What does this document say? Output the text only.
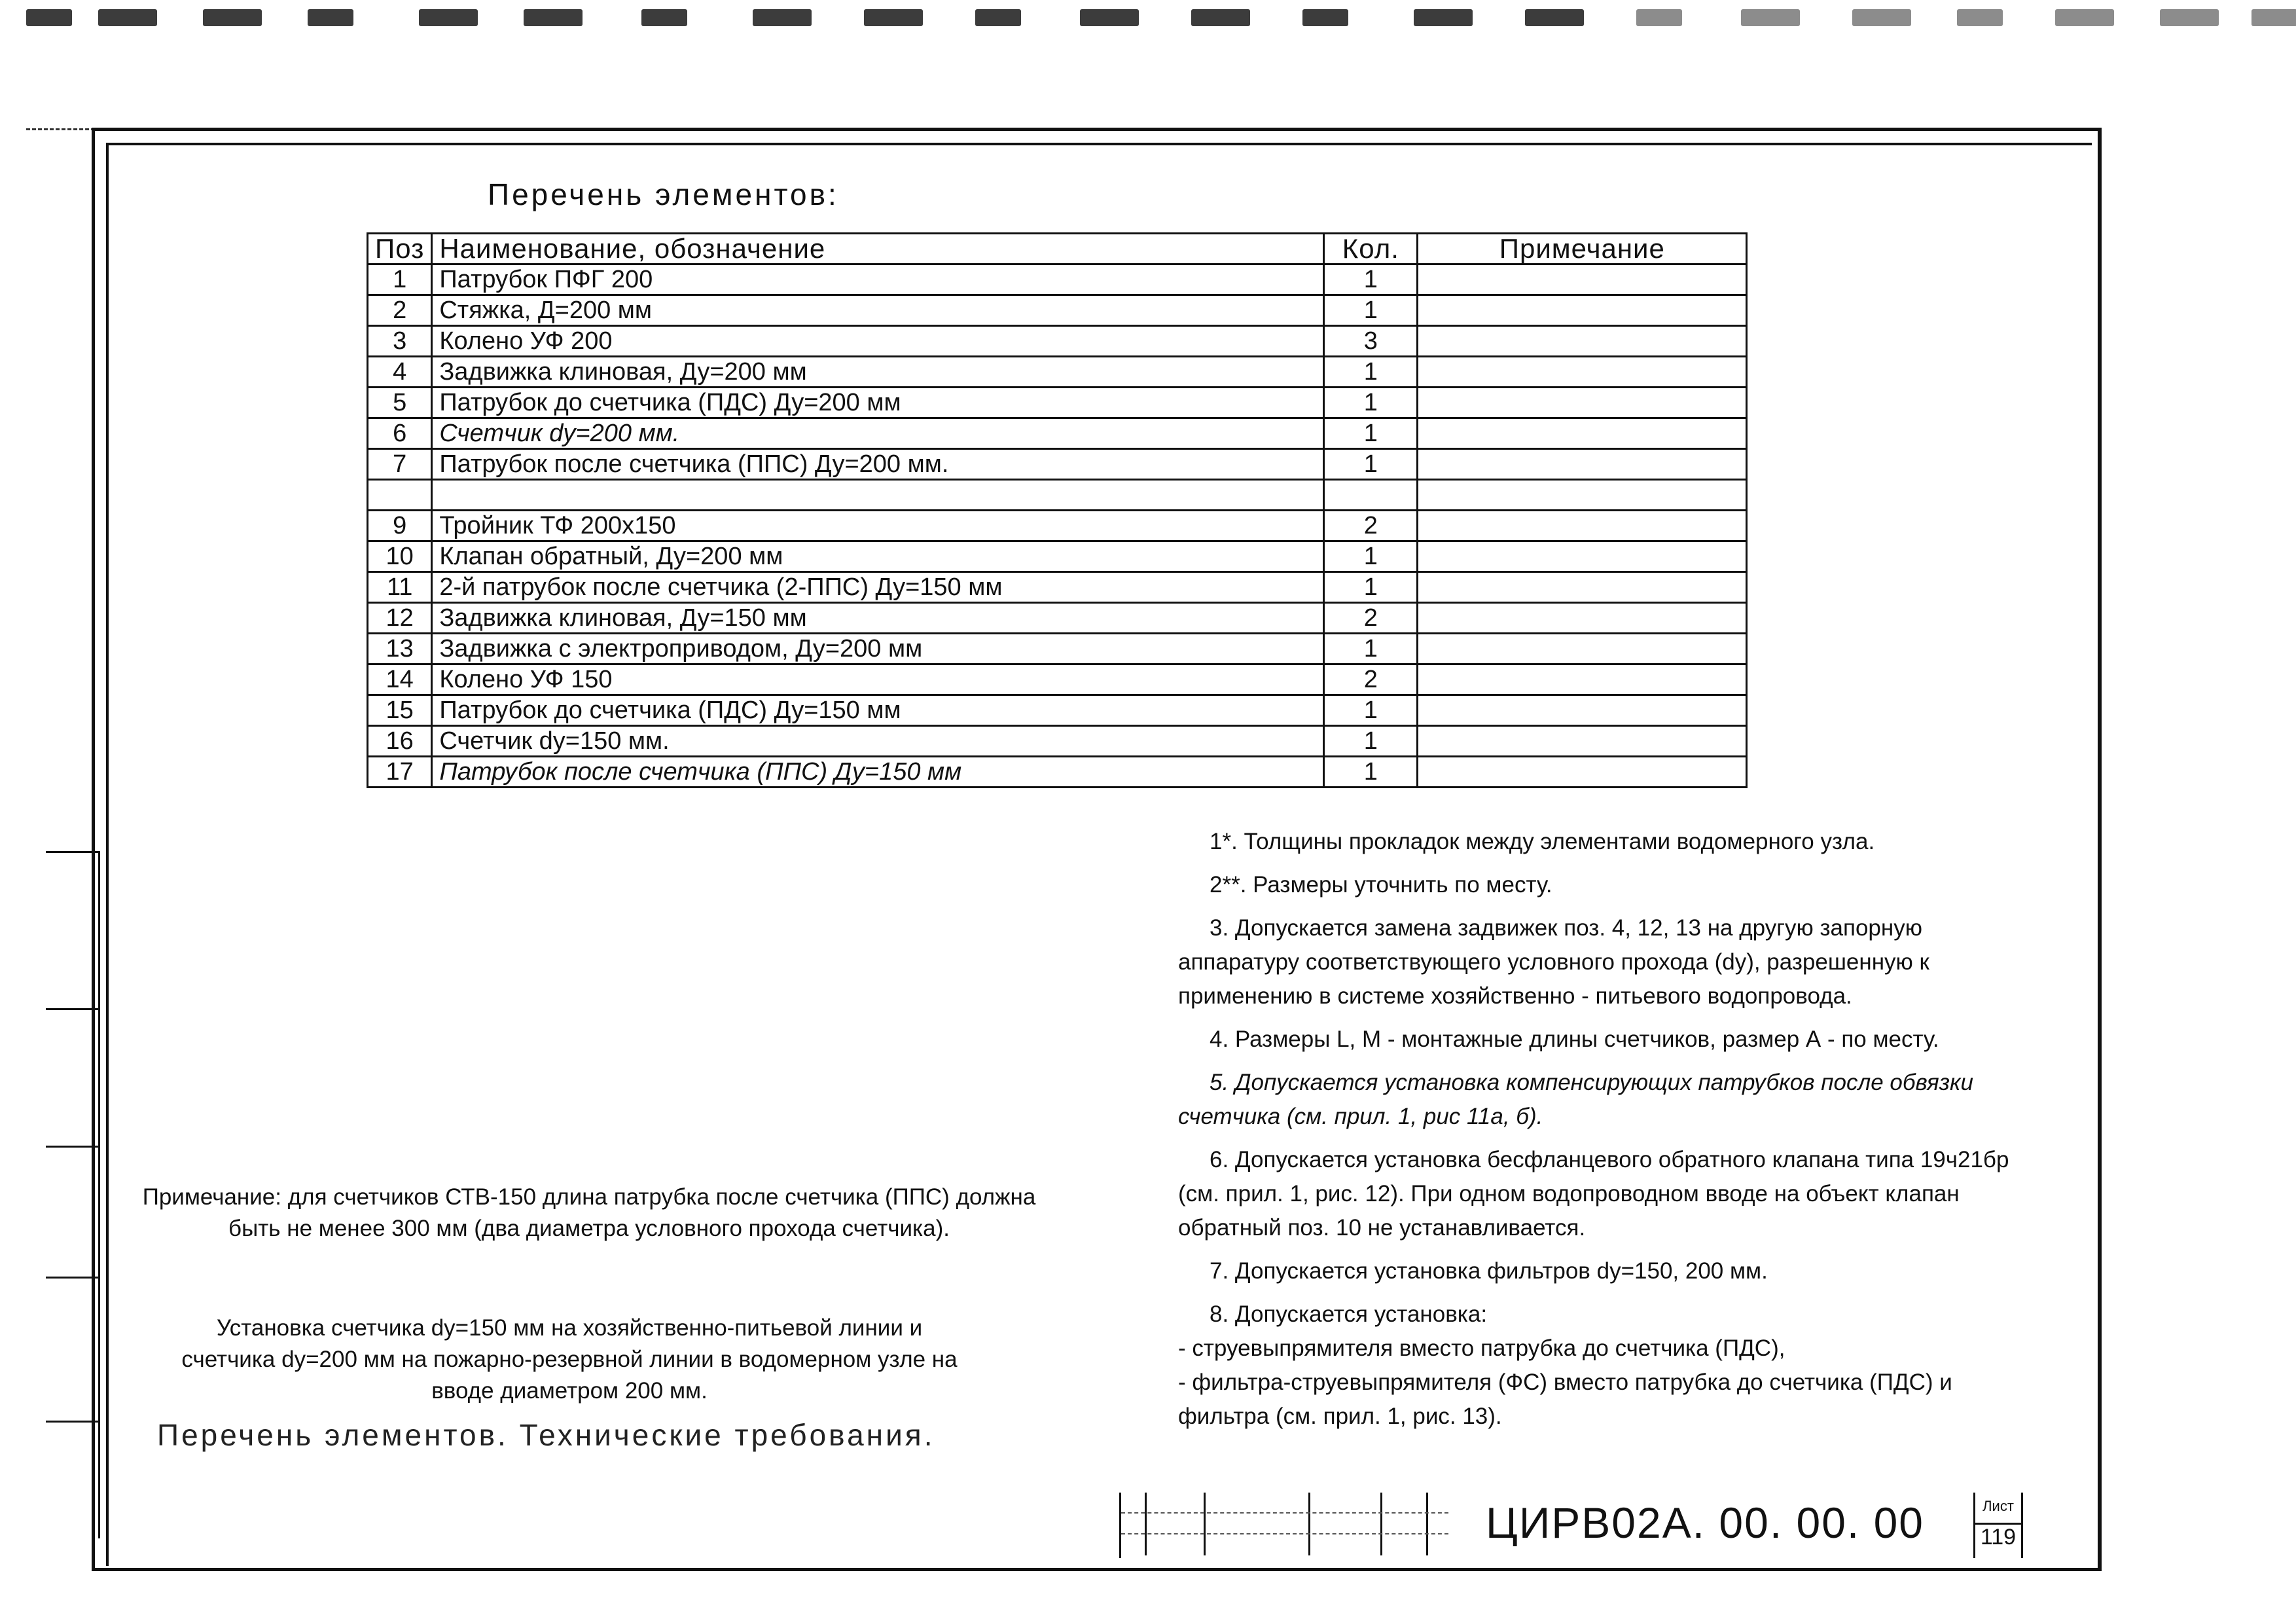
Перечень элементов:
Поз	Наименование, обозначение	Кол.	Примечание
1	Патрубок ПФГ 200	1	
2	Стяжка, Д=200 мм	1	
3	Колено УФ 200	3	
4	Задвижка клиновая, Ду=200 мм	1	
5	Патрубок до счетчика (ПДС) Ду=200 мм	1	
6	Счетчик dy=200 мм.	1	
7	Патрубок после счетчика (ППС) Ду=200 мм.	1	

9	Тройник ТФ 200х150	2	
10	Клапан обратный, Ду=200 мм	1	
11	2-й патрубок после счетчика (2-ППС) Ду=150 мм	1	
12	Задвижка клиновая, Ду=150 мм	2	
13	Задвижка с электроприводом, Ду=200 мм	1	
14	Колено УФ 150	2	
15	Патрубок до счетчика (ПДС) Ду=150 мм	1	
16	Счетчик dy=150 мм.	1	
17	Патрубок после счетчика (ППС) Ду=150 мм	1	

1*. Толщины прокладок между элементами водомерного узла.

2**. Размеры уточнить по месту.

3. Допускается замена задвижек поз. 4, 12, 13 на другую запорную аппаратуру соответствующего условного прохода (dy), разрешенную к применению в системе хозяйственно - питьевого водопровода.

4. Размеры L, M - монтажные длины счетчиков, размер А - по месту.

5. Допускается установка компенсирующих патрубков после обвязки счетчика (см. прил. 1, рис 11а, б).

6. Допускается установка бесфланцевого обратного клапана типа 19ч21бр (см. прил. 1, рис. 12). При одном водопроводном вводе на объект клапан обратный поз. 10 не устанавливается.

7. Допускается установка фильтров dy=150, 200 мм.

8. Допускается установка:

- струевыпрямителя вместо патрубка до счетчика (ПДС),

- фильтра-струевыпрямителя (ФС) вместо патрубка до счетчика (ПДС) и фильтра (см. прил. 1, рис. 13).

Примечание: для счетчиков СТВ-150 длина патрубка после счетчика (ППС) должна быть не менее 300 мм (два диаметра условного прохода счетчика).
Установка счетчика dy=150 мм на хозяйственно-питьевой линии и счетчика dy=200 мм на пожарно-резервной линии в водомерном узле на вводе диаметром 200 мм.
Перечень элементов. Технические требования.
ЦИРВ02А. 00. 00. 00	Лист
119
